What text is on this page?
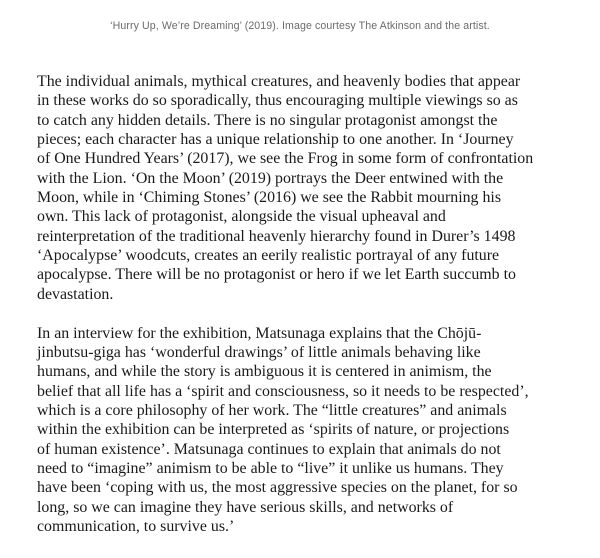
‘Hurry Up, We’re Dreaming’ (2019). Image courtesy The Atkinson and the artist.

The individual animals, mythical creatures, and heavenly bodies that appear
in these works do so sporadically, thus encouraging multiple viewings so as
to catch any hidden details. There is no singular protagonist amongst the
pieces; each character has a unique relationship to one another. In ‘Journey
of One Hundred Years’ (2017), we see the Frog in some form of confrontation
with the Lion. ‘On the Moon’ (2019) portrays the Deer entwined with the
Moon, while in ‘Chiming Stones’ (2016) we see the Rabbit mourning his
own. This lack of protagonist, alongside the visual upheaval and
reinterpretation of the traditional heavenly hierarchy found in Durer’s 1498
‘Apocalypse’ woodcuts, creates an eerily realistic portrayal of any future
apocalypse. There will be no protagonist or hero if we let Earth succumb to
devastation.

In an interview for the exhibition, Matsunaga explains that the Chōjū-
jinbutsu-giga has ‘wonderful drawings’ of little animals behaving like
humans, and while the story is ambiguous it is centered in animism, the
belief that all life has a ‘spirit and consciousness, so it needs to be respected’,
which is a core philosophy of her work. The “little creatures” and animals
within the exhibition can be interpreted as ‘spirits of nature, or projections
of human existence’. Matsunaga continues to explain that animals do not
need to “imagine” animism to be able to “live” it unlike us humans. They
have been ‘coping with us, the most aggressive species on the planet, for so
long, so we can imagine they have serious skills, and networks of
communication, to survive us.’
